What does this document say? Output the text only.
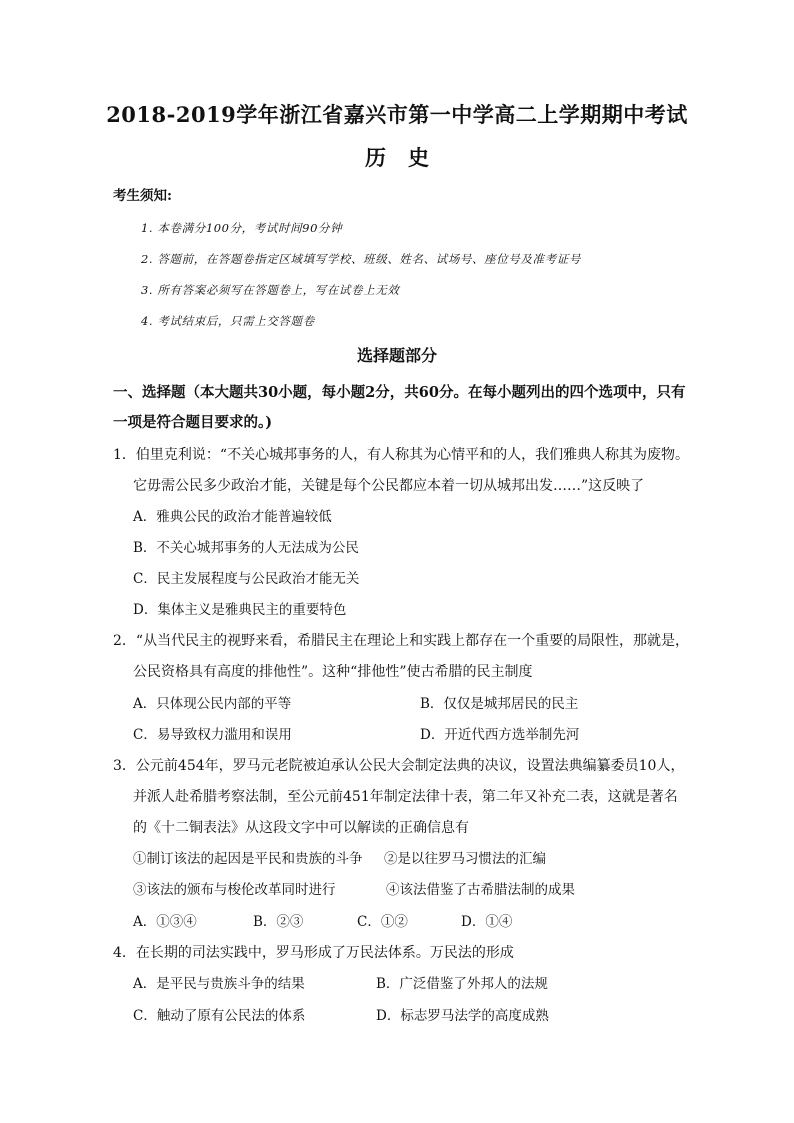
2018-2019学年浙江省嘉兴市第一中学高二上学期期中考试
历史
考生须知:
1. 本卷满分100分，考试时间90分钟
2. 答题前，在答题卷指定区域填写学校、班级、姓名、试场号、座位号及准考证号
3. 所有答案必须写在答题卷上，写在试卷上无效
4. 考试结束后，只需上交答题卷
选择题部分
一、选择题（本大题共30小题，每小题2分，共60分。在每小题列出的四个选项中，只有
一项是符合题目要求的。)
1．伯里克利说：“不关心城邦事务的人，有人称其为心情平和的人，我们雅典人称其为废物。
它毋需公民多少政治才能，关键是每个公民都应本着一切从城邦出发……”这反映了
A．雅典公民的政治才能普遍较低
B．不关心城邦事务的人无法成为公民
C．民主发展程度与公民政治才能无关
D．集体主义是雅典民主的重要特色
2．“从当代民主的视野来看，希腊民主在理论上和实践上都存在一个重要的局限性，那就是，
公民资格具有高度的排他性”。这种“排他性”使古希腊的民主制度
A．只体现公民内部的平等	B．仅仅是城邦居民的民主
C．易导致权力滥用和误用	D．开近代西方选举制先河
3．公元前454年，罗马元老院被迫承认公民大会制定法典的决议，设置法典编纂委员10人，
并派人赴希腊考察法制，至公元前451年制定法律十表，第二年又补充二表，这就是著名
的《十二铜表法》从这段文字中可以解读的正确信息有
①制订该法的起因是平民和贵族的斗争 ②是以往罗马习惯法的汇编
③该法的颁布与梭伦改革同时进行	④该法借鉴了古希腊法制的成果
A．①③④	B．②③	C．①②	D．①④
4．在长期的司法实践中，罗马形成了万民法体系。万民法的形成
A．是平民与贵族斗争的结果	B．广泛借鉴了外邦人的法规
C．触动了原有公民法的体系	D．标志罗马法学的高度成熟
